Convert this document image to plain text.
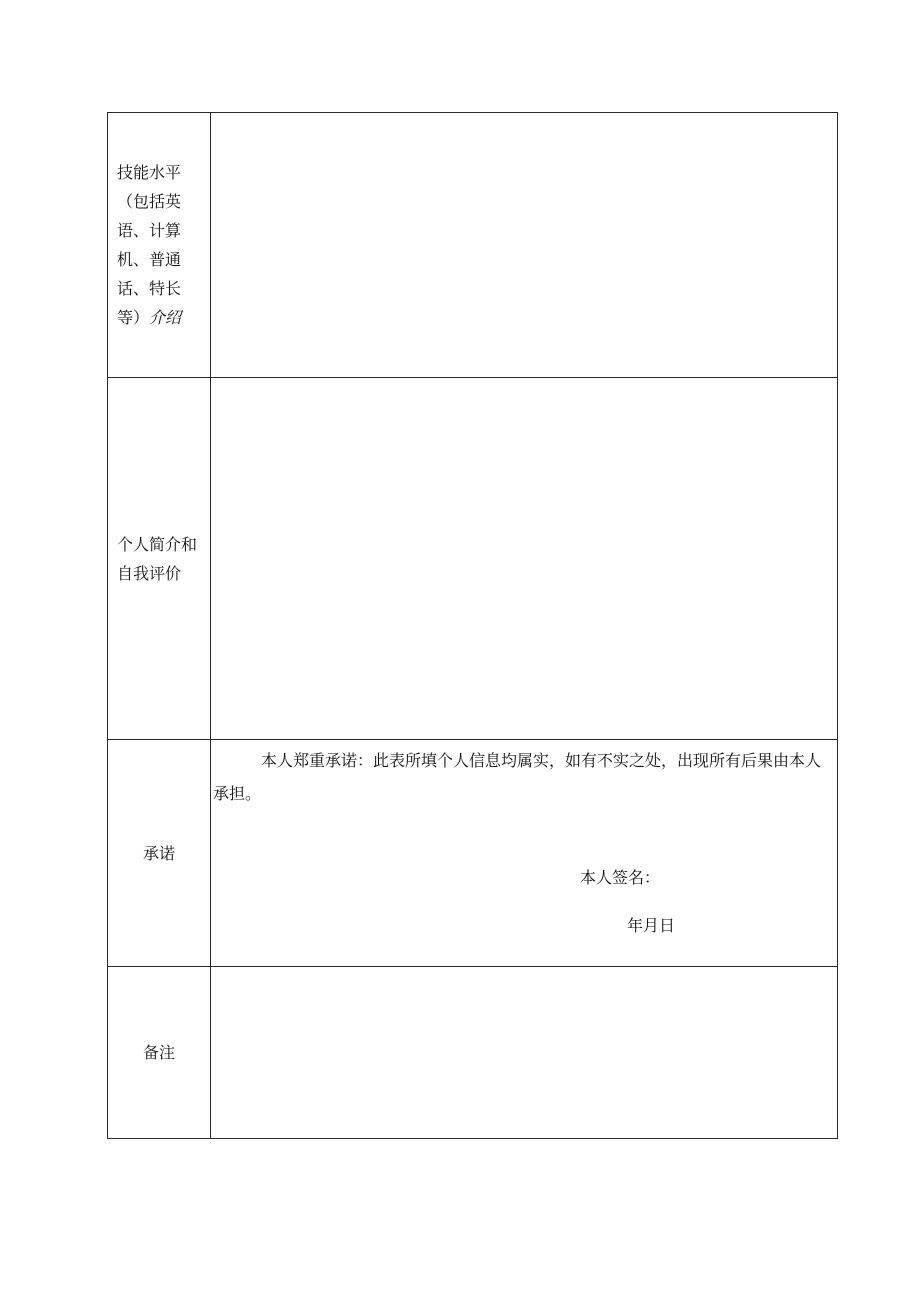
技能水平（包括英语、计算机、普通话、特长等）介绍	
个人简介和自我评价	
承诺	本人郑重承诺：此表所填个人信息均属实，如有不实之处，出现所有后果由本人承担。
本人签名：
年月日

备注	
